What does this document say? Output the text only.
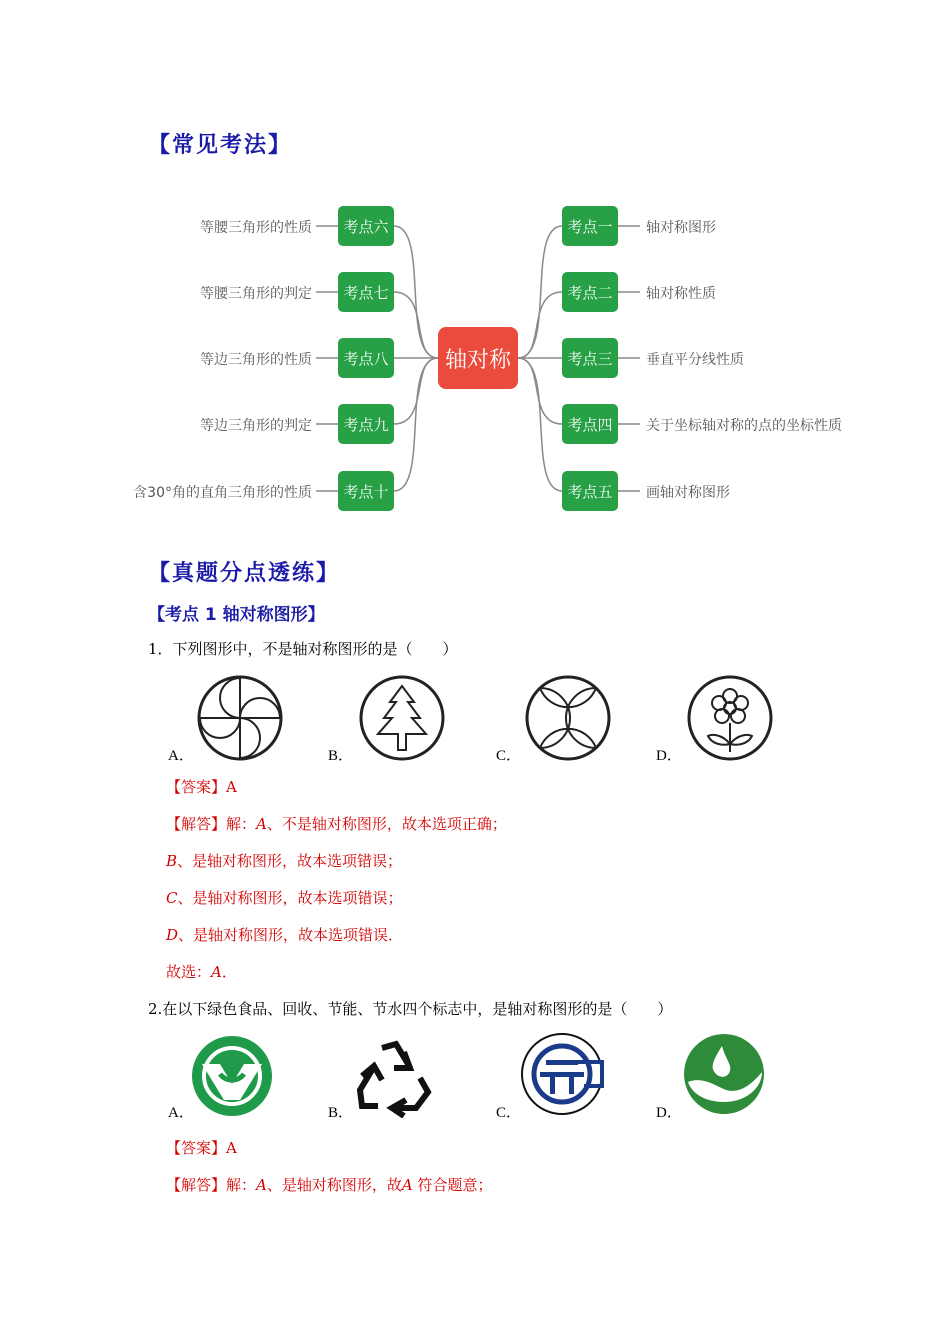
【常见考法】
轴对称
考点六
考点七
考点八
考点九
考点十
考点一
考点二
考点三
考点四
考点五
等腰三角形的性质
等腰三角形的判定
等边三角形的性质
等边三角形的判定
含30°角的直角三角形的性质
轴对称图形
轴对称性质
垂直平分线性质
关于坐标轴对称的点的坐标性质
画轴对称图形
【真题分点透练】
【考点 1 轴对称图形】
1．下列图形中，不是轴对称图形的是（　　）
A．	B．	C．	D．
【答案】A
【解答】解：A、不是轴对称图形，故本选项正确；
B、是轴对称图形，故本选项错误；
C、是轴对称图形，故本选项错误；
D、是轴对称图形，故本选项错误．
故选：A．
2.在以下绿色食品、回收、节能、节水四个标志中，是轴对称图形的是（　　）
A．	B．	C．	D．
【答案】A
【解答】解：A、是轴对称图形，故A 符合题意；
